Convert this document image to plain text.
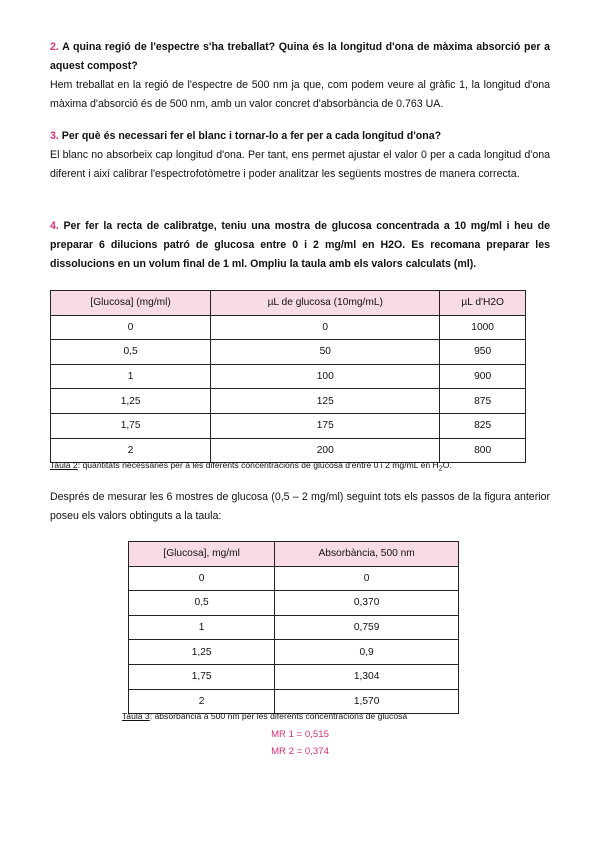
2. A quina regió de l'espectre s'ha treballat? Quina és la longitud d'ona de màxima absorció per a aquest compost?

Hem treballat en la regió de l'espectre de 500 nm ja que, com podem veure al gràfic 1, la longitud d'ona màxima d'absorció és de 500 nm, amb un valor concret d'absorbància de 0.763 UA.

3. Per què és necessari fer el blanc i tornar-lo a fer per a cada longitud d'ona?

El blanc no absorbeix cap longitud d'ona. Per tant, ens permet ajustar el valor 0 per a cada longitud d'ona diferent i així calibrar l'espectrofotòmetre i poder analitzar les següents mostres de manera correcta.

4. Per fer la recta de calibratge, teniu una mostra de glucosa concentrada a 10 mg/ml i heu de preparar 6 dilucions patró de glucosa entre 0 i 2 mg/ml en H2O. Es recomana preparar les dissolucions en un volum final de 1 ml. Ompliu la taula amb els valors calculats (ml).

[Glucosa] (mg/ml)	µL de glucosa (10mg/mL)	µL d'H2O
0	0	1000
0,5	50	950
1	100	900
1,25	125	875
1,75	175	825
2	200	800
Taula 2: quantitats necessàries per a les diferents concentracions de glucosa d'entre 0 i 2 mg/mL en $H_2O$.
Després de mesurar les 6 mostres de glucosa (0,5 – 2 mg/ml) seguint tots els passos de la figura anterior poseu els valors obtinguts a la taula:
[Glucosa], mg/ml	Absorbància, 500 nm
0	0
0,5	0,370
1	0,759
1,25	0,9
1,75	1,304
2	1,570
Taula 3: absorbància a 500 nm per les diferents concentracions de glucosa
MR 1 = 0,515
MR 2 = 0,374
